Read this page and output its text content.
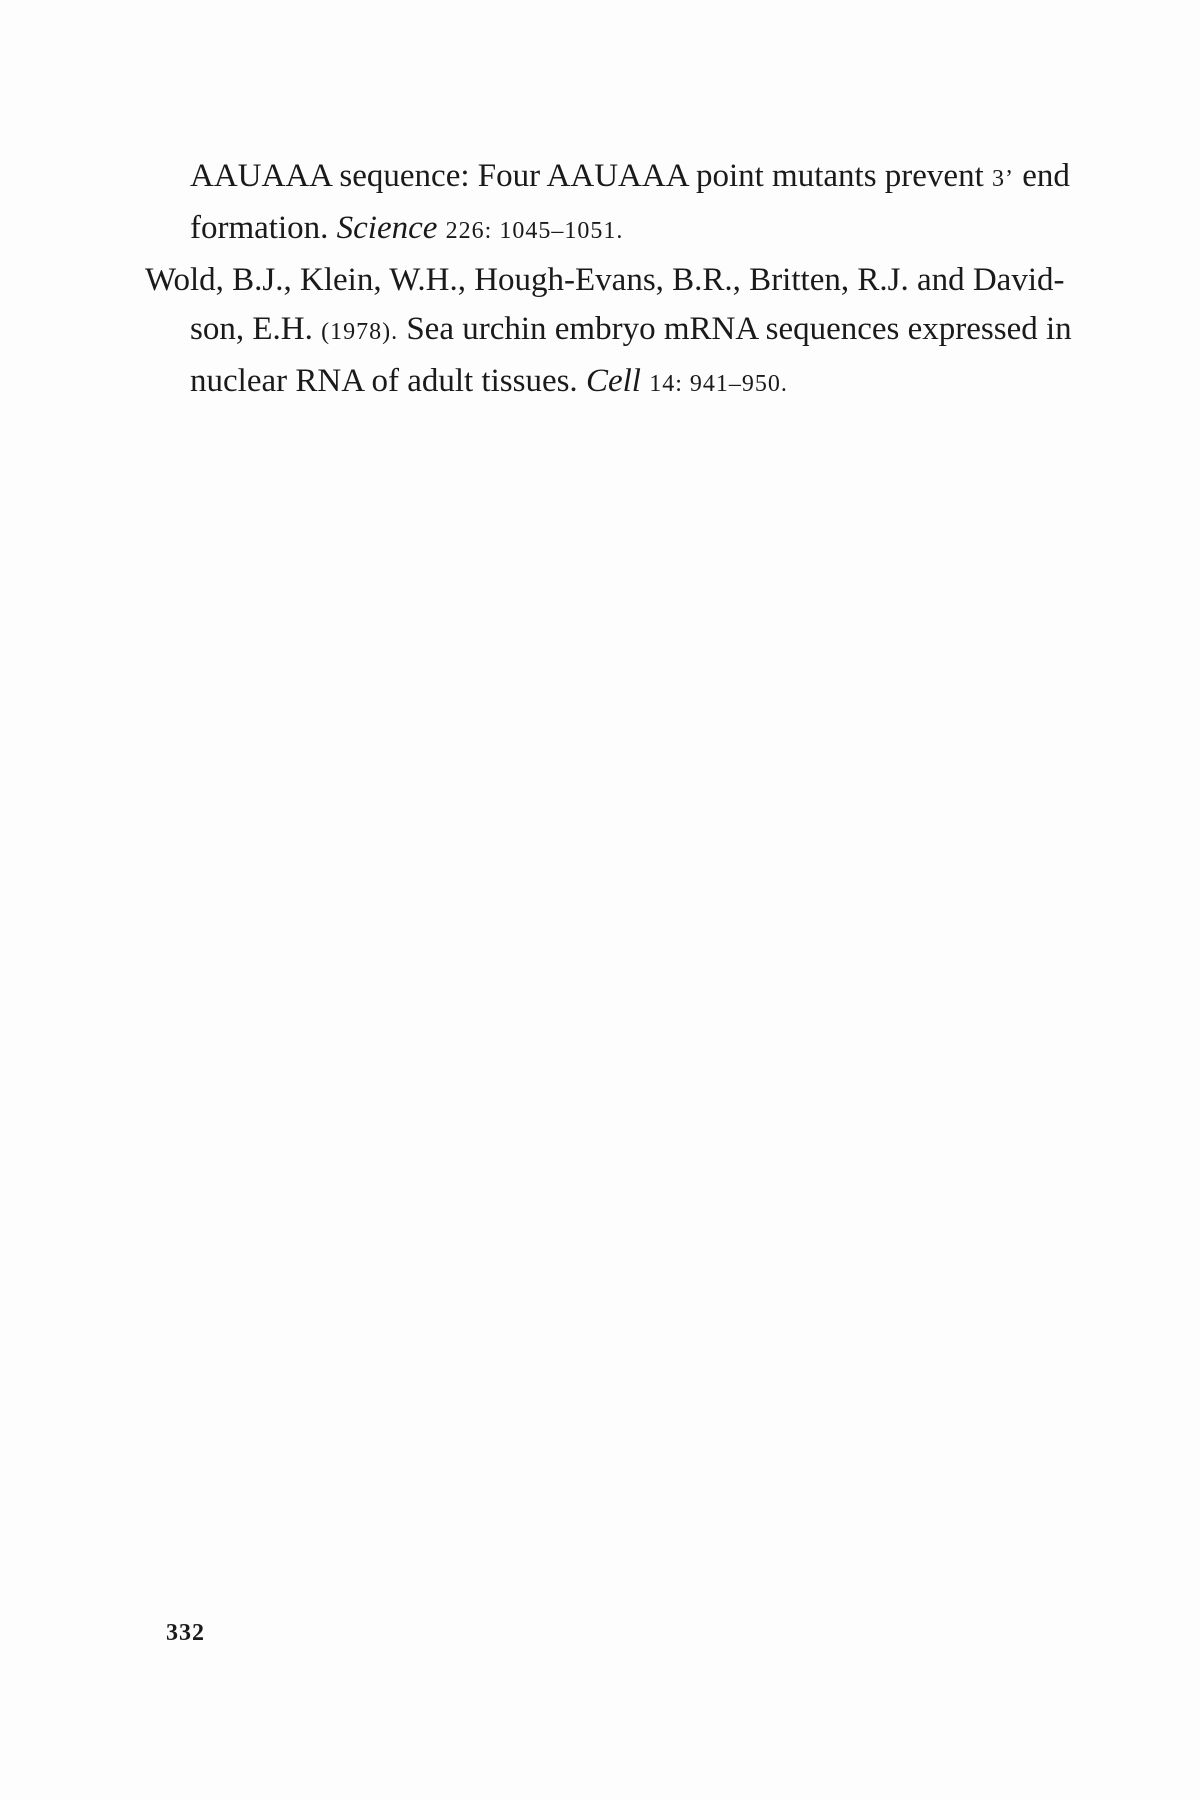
AAUAAA sequence: Four AAUAAA point mutants prevent 3’ end
formation. Science 226: 1045–1051.
Wold, B.J., Klein, W.H., Hough-Evans, B.R., Britten, R.J. and David-
son, E.H. (1978). Sea urchin embryo mRNA sequences expressed in
nuclear RNA of adult tissues. Cell 14: 941–950.
332
